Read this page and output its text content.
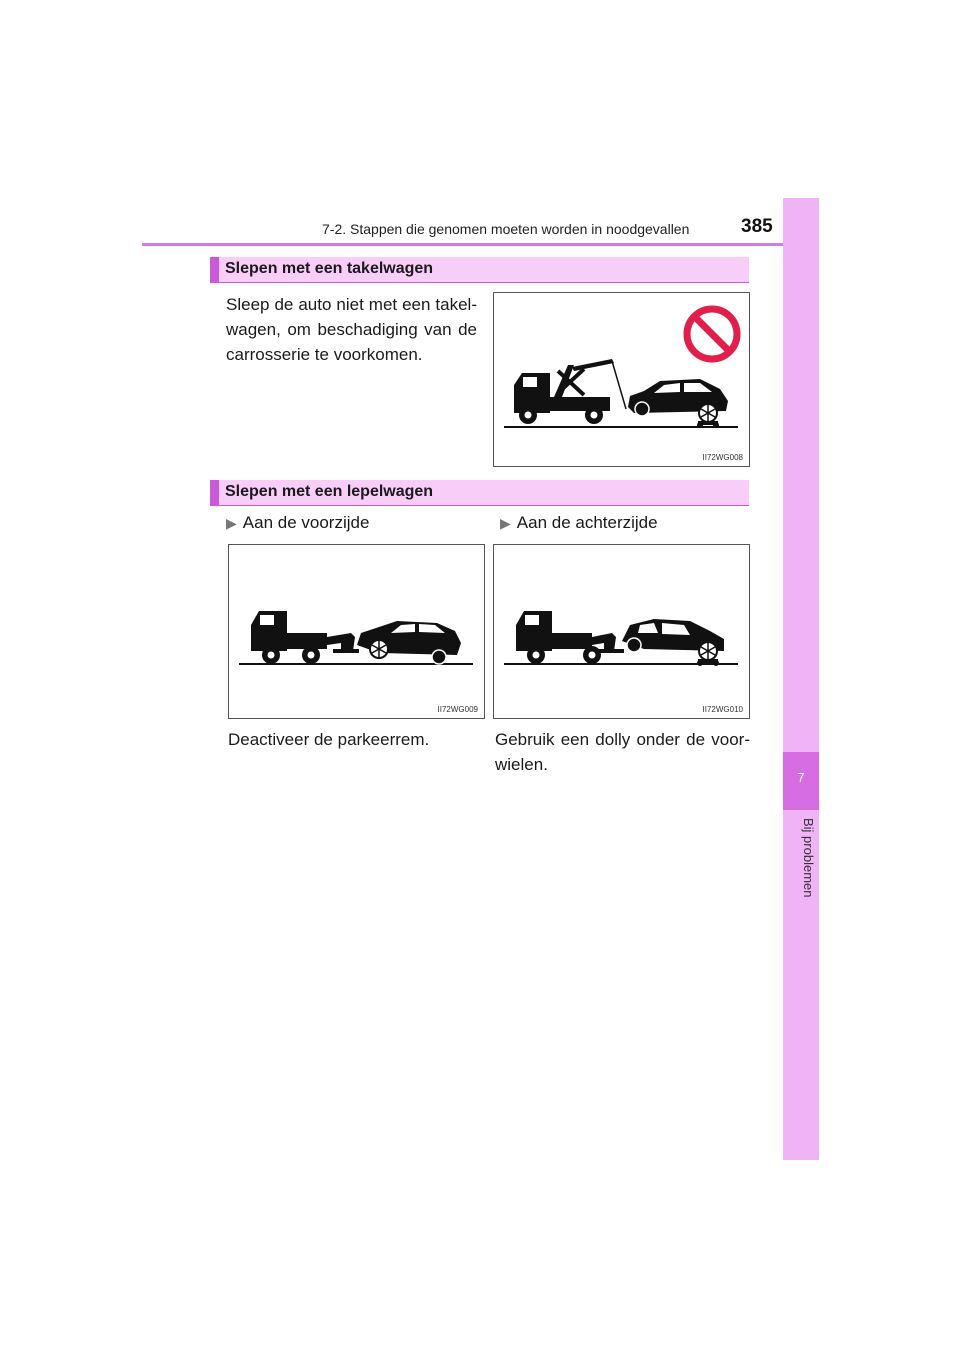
7-2. Stappen die genomen moeten worden in noodgevallen	385
7
Bij problemen
Slepen met een takelwagen
Sleep de auto niet met een takel-
wagen, om beschadiging van de
carrosserie te voorkomen.
II72WG008
Slepen met een lepelwagen
▶ Aan de voorzijde	▶ Aan de achterzijde
II72WG009	II72WG010
Deactiveer de parkeerrem.	Gebruik een dolly onder de voor-
wielen.
